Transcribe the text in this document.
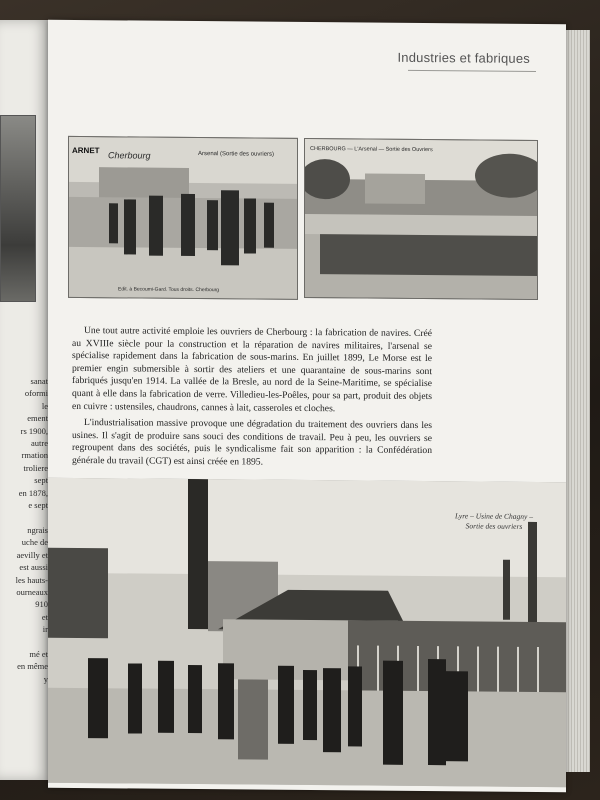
sanat
oformi
le
ement
rs 1900,
autre
rmation
troliere
sept
en 1878,
e sept

ngrais
uche de
aevilly et
est aussi
les hauts-
ourneaux
910
et
ir

mé et
en même
y
Industries et fabriques
ARNET Cherbourg	Arsenal (Sortie des ouvriers)
Edit. à Becoumi-Gard. Tous droits. Cherbourg
CHERBOURG — L'Arsenal — Sortie des Ouvriers

Une tout autre activité emploie les ouvriers de Cherbourg : la fabrication de navires. Créé au XVIIIe siècle pour la construction et la réparation de navires militaires, l'arsenal se spécialise rapidement dans la fabrication de sous-marins. En juillet 1899, Le Morse est le premier engin submersible à sortir des ateliers et une quarantaine de sous-marins sont fabriqués jusqu'en 1914. La vallée de la Bresle, au nord de la Seine-Maritime, se spécialise quant à elle dans la fabrication de verre. Villedieu-les-Poêles, pour sa part, produit des objets en cuivre : ustensiles, chaudrons, cannes à lait, casseroles et cloches.

L'industrialisation massive provoque une dégradation du traitement des ouvriers dans les usines. Il s'agit de produire sans souci des conditions de travail. Peu à peu, les ouvriers se regroupent dans des sociétés, puis le syndicalisme fait son apparition : la Confédération générale du travail (CGT) est ainsi créée en 1895.

Lyre – Usine de Chagny –
Sortie des ouvriers
